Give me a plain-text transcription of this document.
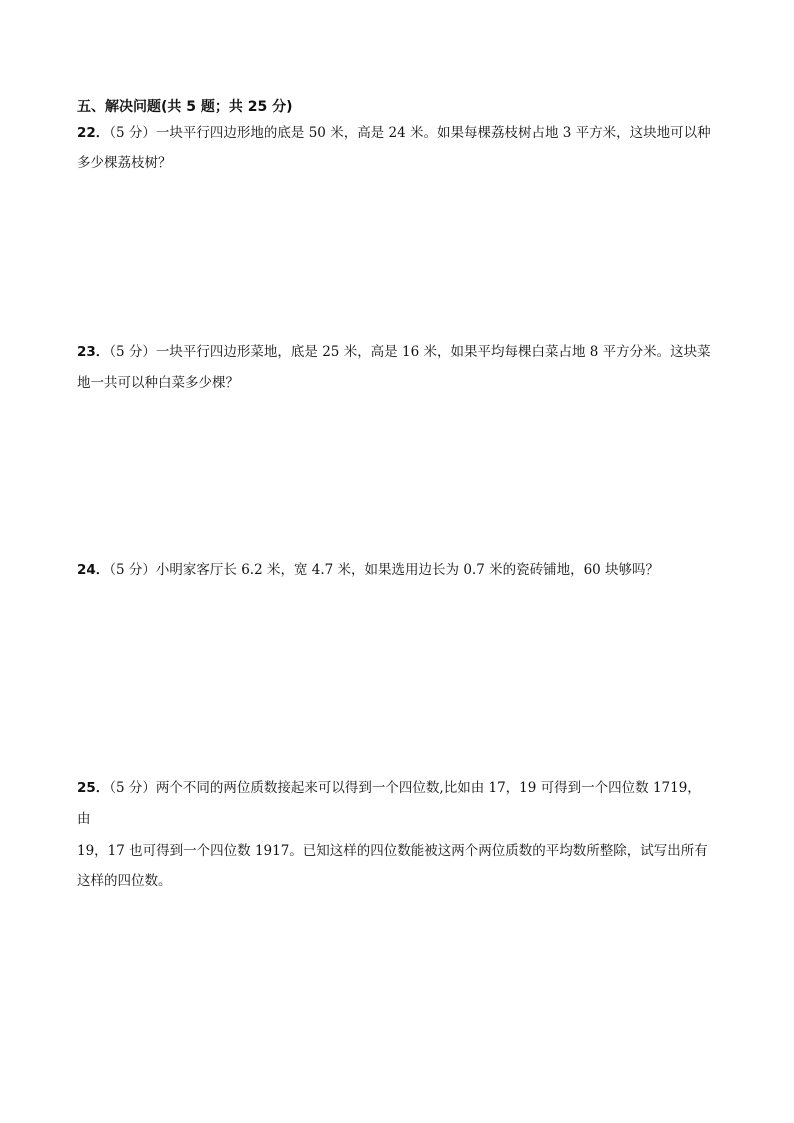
五、解决问题(共 5 题；共 25 分)
22．（5 分）一块平行四边形地的底是 50 米，高是 24 米。如果每棵荔枝树占地 3 平方米，这块地可以种
多少棵荔枝树？
23．（5 分）一块平行四边形菜地，底是 25 米，高是 16 米，如果平均每棵白菜占地 8 平方分米。这块菜
地一共可以种白菜多少棵？
24．（5 分）小明家客厅长 6.2 米，宽 4.7 米，如果选用边长为 0.7 米的瓷砖铺地，60 块够吗？
25．（5 分）两个不同的两位质数接起来可以得到一个四位数,比如由 17，19 可得到一个四位数 1719，
由
19，17 也可得到一个四位数 1917。已知这样的四位数能被这两个两位质数的平均数所整除，试写出所有
这样的四位数。
